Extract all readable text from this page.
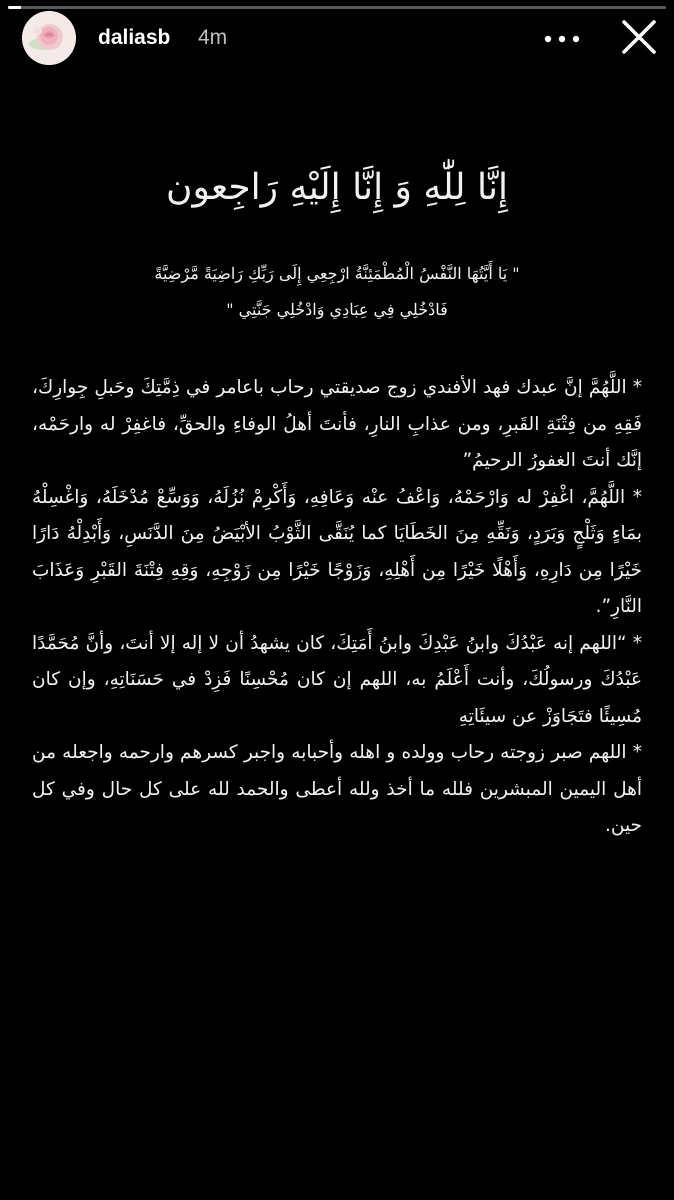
daliasb 4m
إِنَّا لِلّٰهِ وَ إِنَّا إِلَيْهِ رَاجِعون
" يَا أَيَّتُهَا النَّفْسُ الْمُطْمَئِنَّةُ ارْجِعِي إِلَى رَبِّكِ رَاضِيَةً مَّرْضِيَّةً
فَادْخُلِي فِي عِبَادِي وَادْخُلِي جَنَّتِي "

* اللَّهُمَّ إنَّ عبدك فهد الأفندي زوج صديقتي رحاب باعامر في ذِمَّتِكَ وحَبلِ جِوارِكَ، فَقِهِ من فِتْنَةِ القَبرِ، ومن عذابِ النارِ، فأنتَ أهلُ الوفاءِ والحقِّ، فاغفِرْ له وارحَمْه، إنَّك أنتَ الغفورُ الرحيمُ”

* اللَّهُمَّ، اغْفِرْ له وَارْحَمْهُ، وَاعْفُ عنْه وَعَافِهِ، وَأَكْرِمْ نُزُلَهُ، وَوَسِّعْ مُدْخَلَهُ، وَاغْسِلْهُ بمَاءٍ وَثَلْجٍ وَبَرَدٍ، وَنَقِّهِ مِنَ الخَطَايَا كما يُنَقَّى الثَّوْبُ الأبْيَضُ مِنَ الدَّنَسِ، وَأَبْدِلْهُ دَارًا خَيْرًا مِن دَارِهِ، وَأَهْلًا خَيْرًا مِن أَهْلِهِ، وَزَوْجًا خَيْرًا مِن زَوْجِهِ، وَقِهِ فِتْنَةَ القَبْرِ وَعَذَابَ النَّارِ”.

* “اللهم إنه عَبْدُكَ وابنُ عَبْدِكَ وابنُ أَمَتِكَ، كان يشهدُ أن لا إله إلا أنتَ، وأنَّ مُحَمَّدًا عَبْدُكَ ورسولُكَ، وأنت أَعْلَمُ به، اللهم إن كان مُحْسِنًا فَزِدْ في حَسَنَاتِهِ، وإن كان مُسِيئًا فتَجَاوَزْ عن سيئَاتِهِ

* اللهم صبر زوجته رحاب وولده و اهله وأحبابه واجبر كسرهم وارحمه واجعله من أهل اليمين المبشرين فلله ما أخذ ولله أعطى والحمد لله على كل حال وفي كل حين.
